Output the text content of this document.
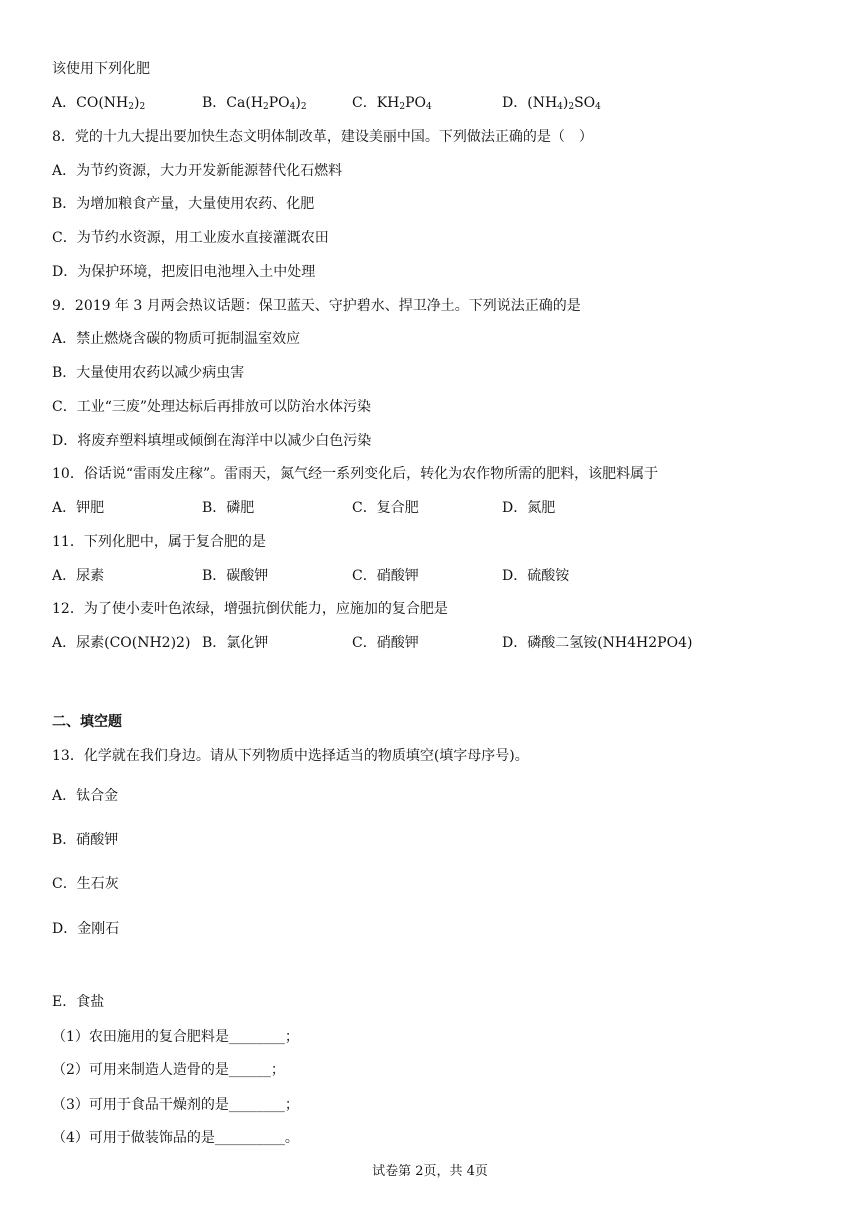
该使用下列化肥
A．$CO(NH_2)_2$	B．$Ca(H_2PO_4)_2$	C．$KH_2PO_4$	D．$(NH_4)_2SO_4$
8．党的十九大提出要加快生态文明体制改革，建设美丽中国。下列做法正确的是（　）
A．为节约资源，大力开发新能源替代化石燃料
B．为增加粮食产量，大量使用农药、化肥
C．为节约水资源，用工业废水直接灌溉农田
D．为保护环境，把废旧电池埋入土中处理
9．2019 年 3 月两会热议话题：保卫蓝天、守护碧水、捍卫净土。下列说法正确的是
A．禁止燃烧含碳的物质可扼制温室效应
B．大量使用农药以减少病虫害
C．工业“三废”处理达标后再排放可以防治水体污染
D．将废弃塑料填埋或倾倒在海洋中以减少白色污染
10．俗话说“雷雨发庄稼”。雷雨天，氮气经一系列变化后，转化为农作物所需的肥料，该肥料属于
A．钾肥	B．磷肥	C．复合肥	D．氮肥
11．下列化肥中，属于复合肥的是
A．尿素	B．碳酸钾	C．硝酸钾	D．硫酸铵
12．为了使小麦叶色浓绿，增强抗倒伏能力，应施加的复合肥是
A．尿素(CO(NH2)2) B．氯化钾	C．硝酸钾	D．磷酸二氢铵(NH4H2PO4)
二、填空题
13．化学就在我们身边。请从下列物质中选择适当的物质填空(填字母序号)。
A．钛合金
B．硝酸钾
C．生石灰
D．金刚石
E．食盐
（1）农田施用的复合肥料是________；
（2）可用来制造人造骨的是______；
（3）可用于食品干燥剂的是________；
（4）可用于做装饰品的是__________。
试卷第 2页，共 4页
